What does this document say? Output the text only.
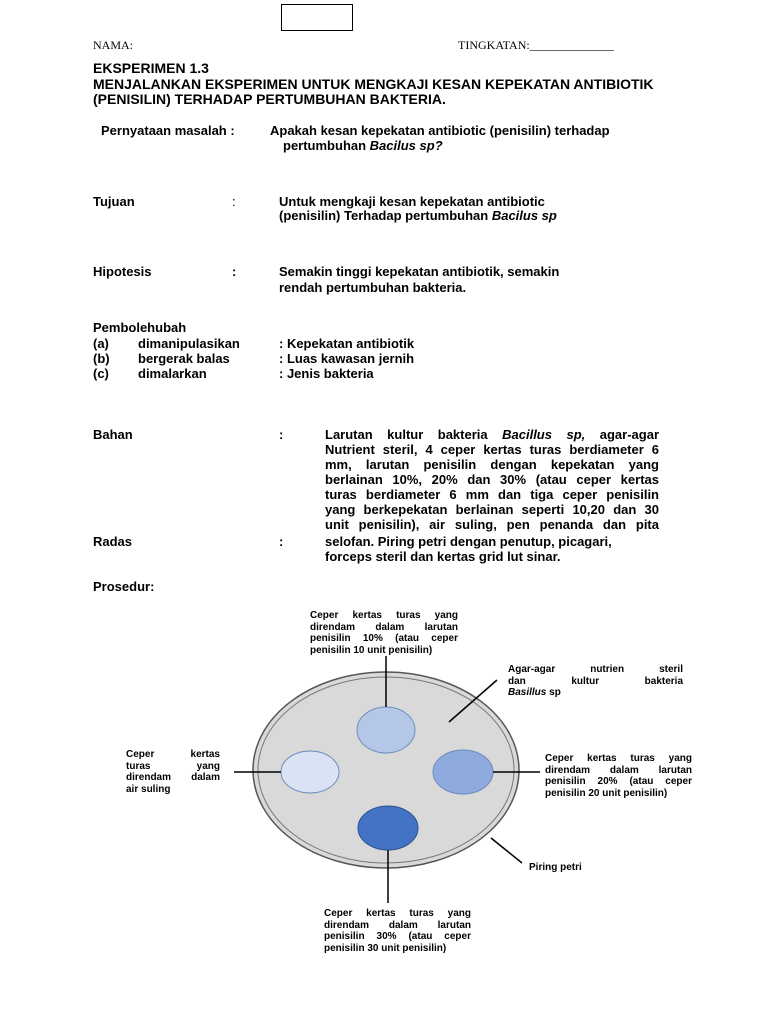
NAMA:	TINGKATAN:______________
EKSPERIMEN 1.3
MENJALANKAN EKSPERIMEN UNTUK MENGKAJI KESAN KEPEKATAN ANTIBIOTIK
(PENISILIN) TERHADAP PERTUMBUHAN BAKTERIA.
Pernyataan masalah :	Apakah kesan kepekatan antibiotic (penisilin) terhadap
pertumbuhan Bacilus sp?
Tujuan	:	Untuk mengkaji kesan kepekatan antibiotic
(penisilin) Terhadap pertumbuhan Bacilus sp
Hipotesis	:	Semakin tinggi kepekatan antibiotik, semakin
rendah pertumbuhan bakteria.
Pembolehubah
(a) dimanipulasikan	: Kepekatan antibiotik
(b) bergerak balas	: Luas kawasan jernih
(c) dimalarkan	: Jenis bakteria
Bahan	:	Larutan kultur bakteria Bacillus sp, agar-agar
Nutrient steril, 4 ceper kertas turas berdiameter 6
mm, larutan penisilin dengan kepekatan yang
berlainan 10%, 20% dan 30% (atau ceper kertas
turas berdiameter 6 mm dan tiga ceper penisilin
yang berkepekatan berlainan seperti 10,20 dan 30
unit penisilin), air suling, pen penanda dan pita
Radas	:	selofan. Piring petri dengan penutup, picagari,
forceps steril dan kertas grid lut sinar.
Prosedur:
Ceper kertas turas yang
direndam dalam larutan
penisilin 10% (atau ceper
penisilin 10 unit penisilin)
Agar-agar nutrien steril
dan kultur bakteria
Basillus sp
Ceper kertas
turas yang
direndam dalam
air suling
Ceper kertas turas yang
direndam dalam larutan
penisilin 20% (atau ceper
penisilin 20 unit penisilin)
Piring petri
Ceper kertas turas yang
direndam dalam larutan
penisilin 30% (atau ceper
penisilin 30 unit penisilin)
